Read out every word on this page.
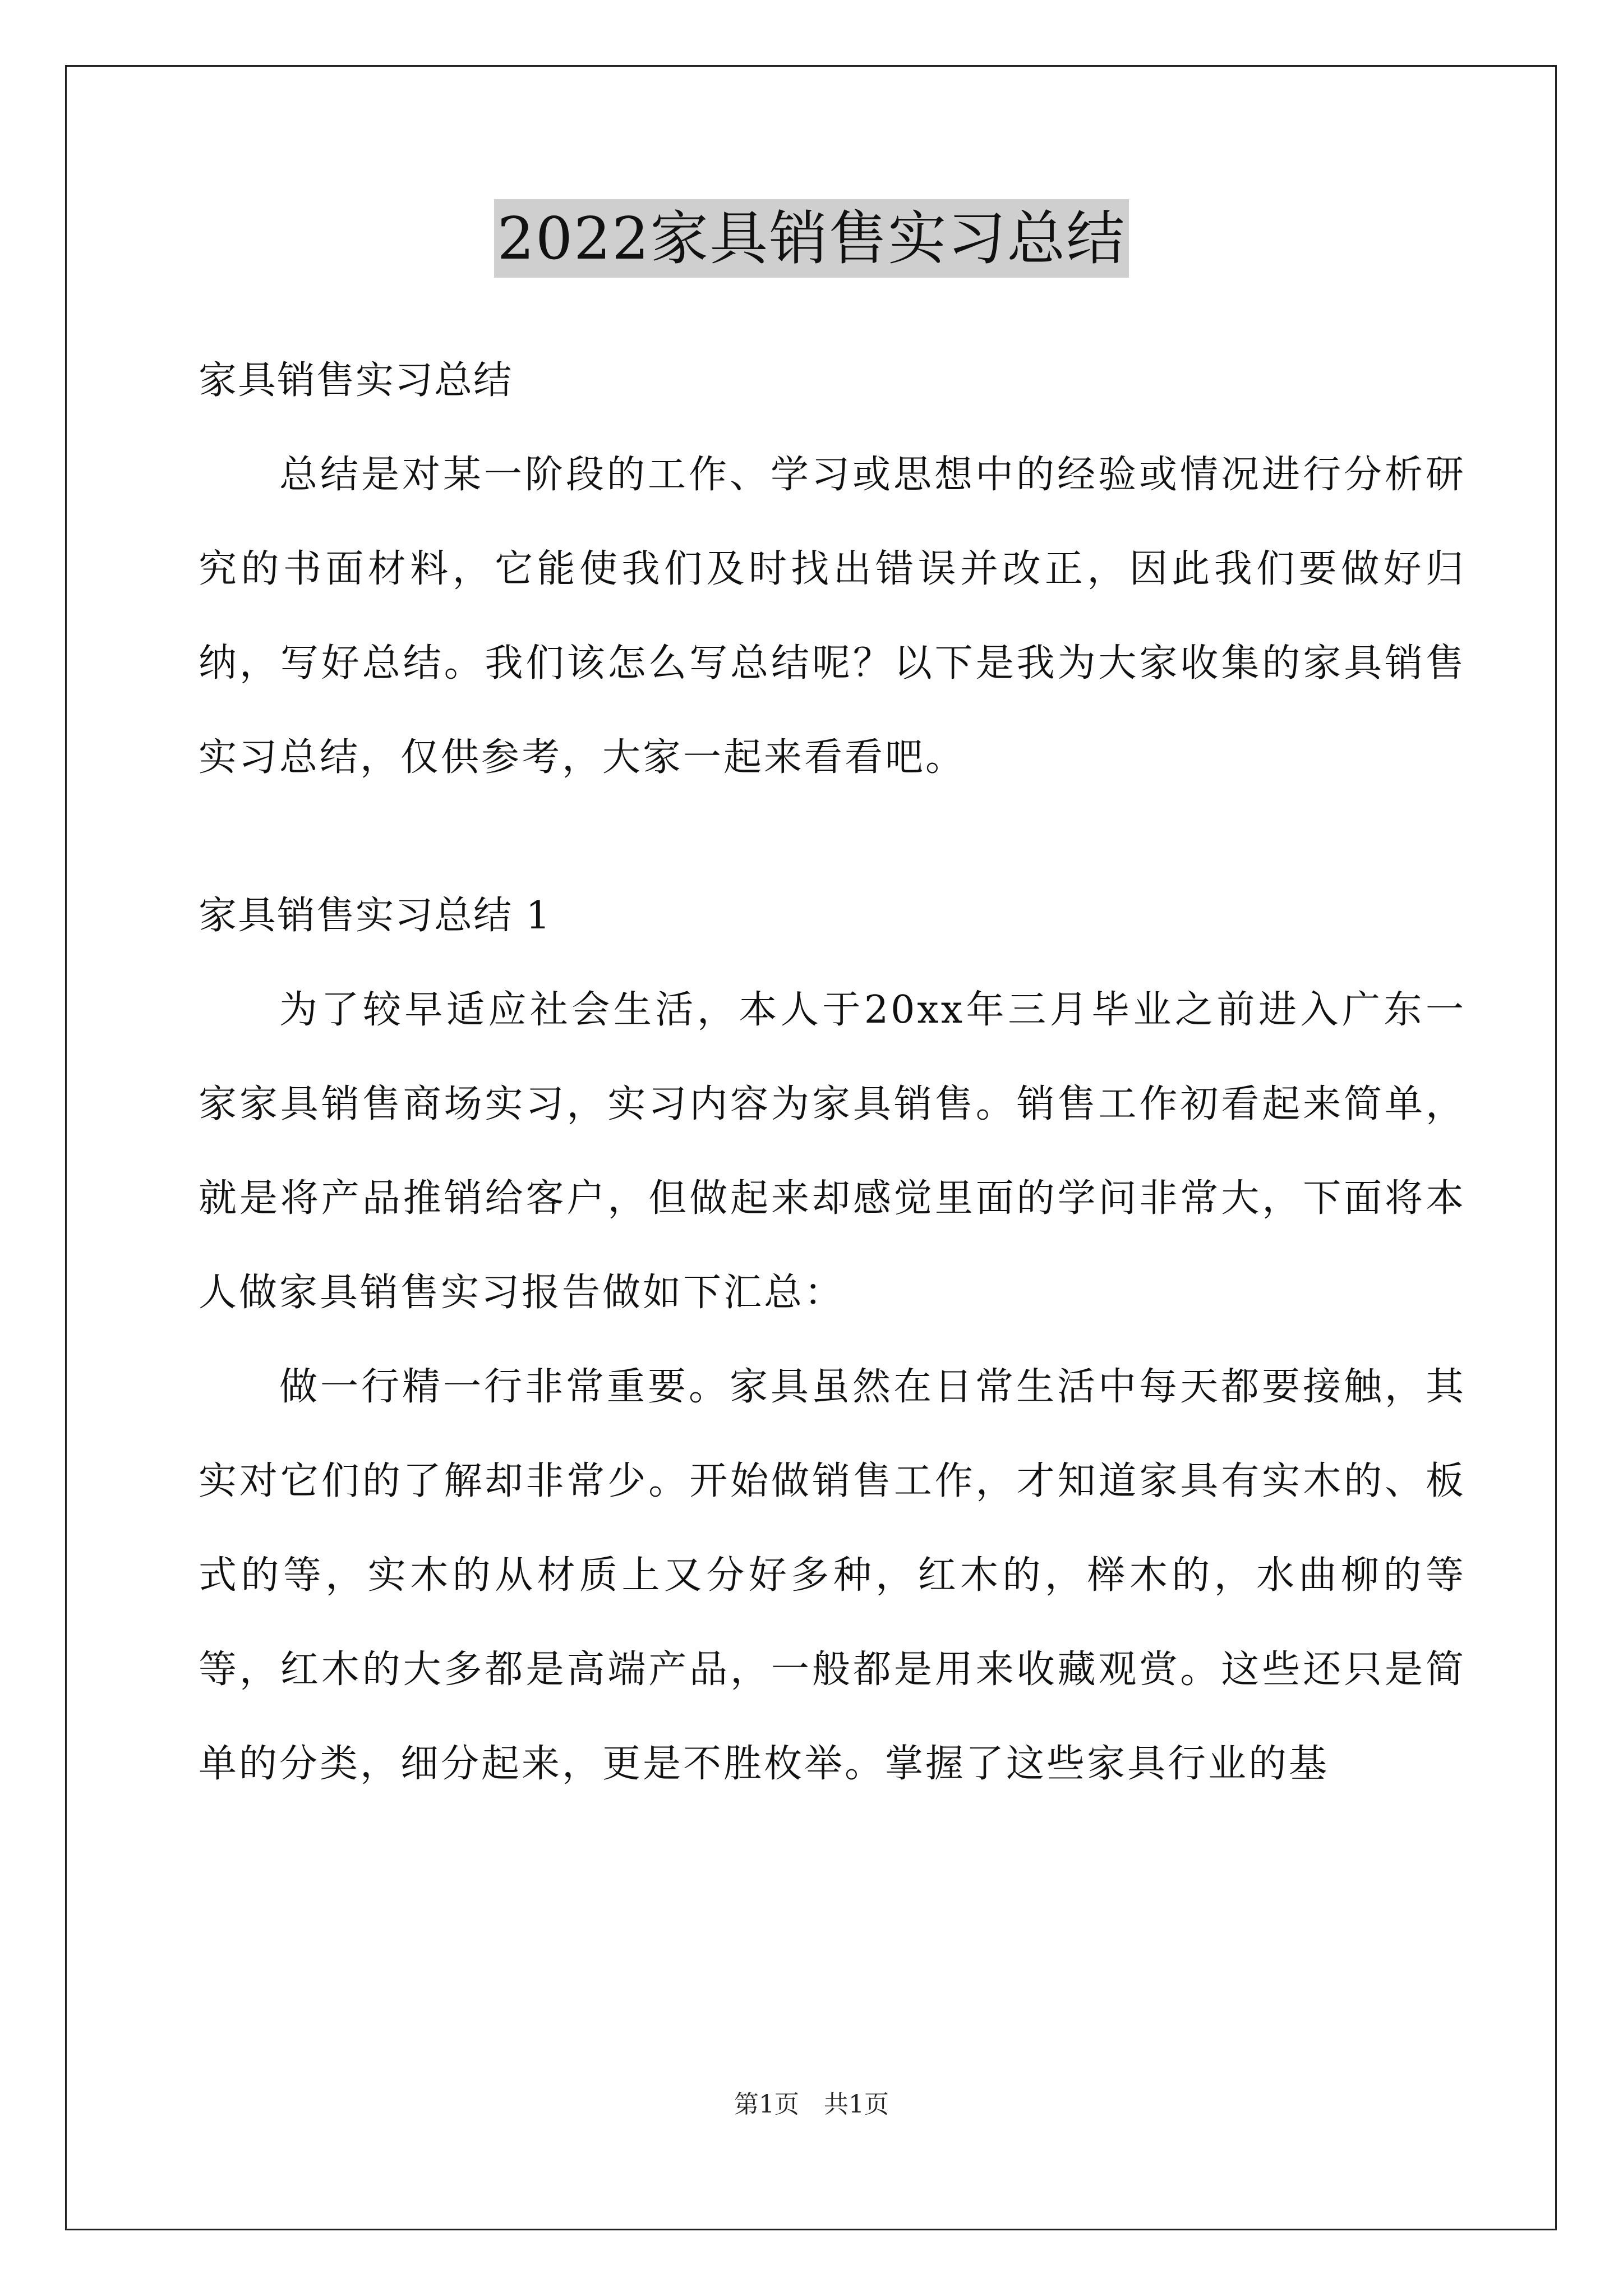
2022家具销售实习总结

家具销售实习总结

总结是对某一阶段的工作、学习或思想中的经验或情况进行分析研究的书面材料，它能使我们及时找出错误并改正，因此我们要做好归纳，写好总结。我们该怎么写总结呢？以下是我为大家收集的家具销售实习总结，仅供参考，大家一起来看看吧。

家具销售实习总结 1

为了较早适应社会生活，本人于20xx年三月毕业之前进入广东一家家具销售商场实习，实习内容为家具销售。销售工作初看起来简单，就是将产品推销给客户，但做起来却感觉里面的学问非常大，下面将本人做家具销售实习报告做如下汇总：

做一行精一行非常重要。家具虽然在日常生活中每天都要接触，其实对它们的了解却非常少。开始做销售工作，才知道家具有实木的、板式的等，实木的从材质上又分好多种，红木的，榉木的，水曲柳的等等，红木的大多都是高端产品，一般都是用来收藏观赏。这些还只是简单的分类，细分起来，更是不胜枚举。掌握了这些家具行业的基

第1页　共1页
